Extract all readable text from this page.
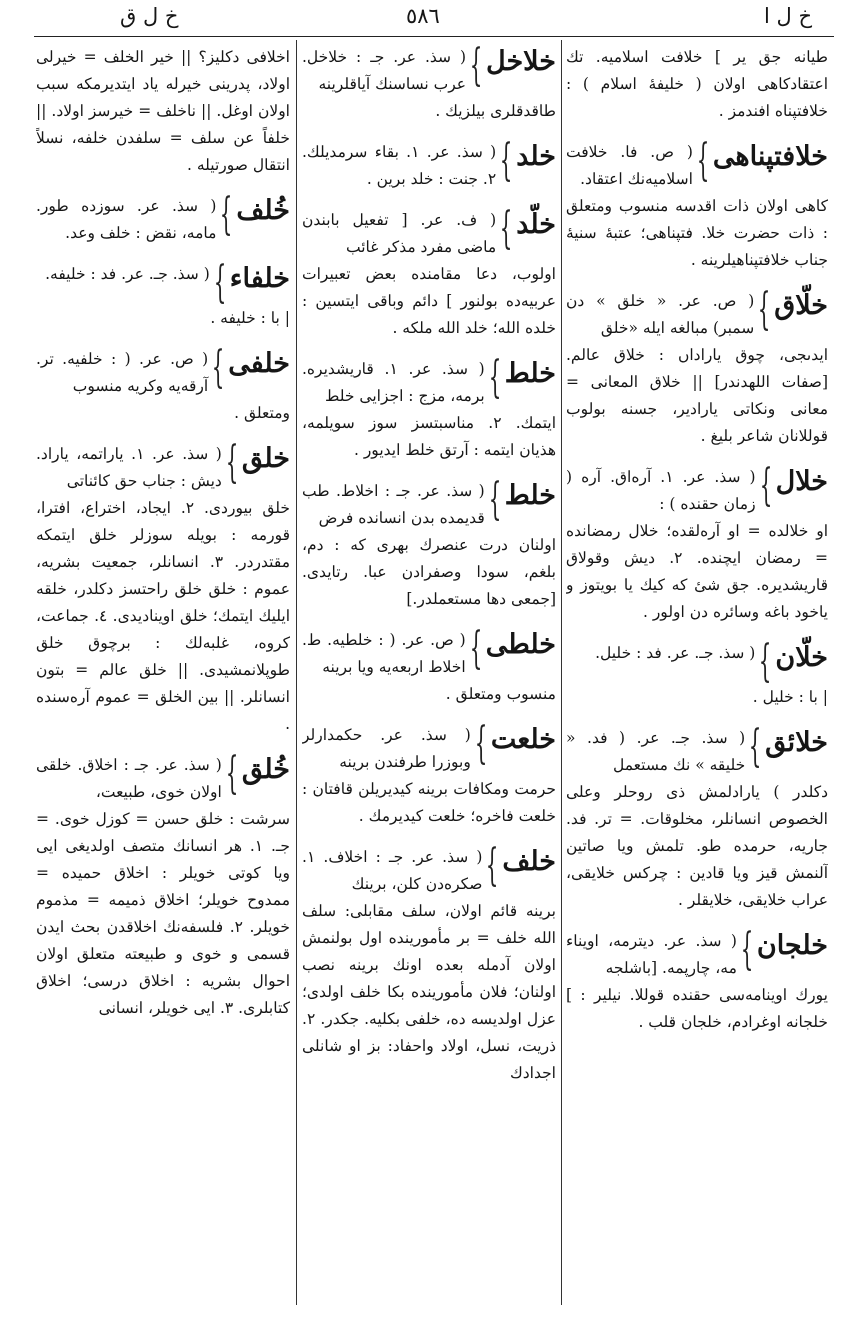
خ ل ق	٥٨٦	خ ل ا
طيانه جق ير ] خلافت اسلاميه. تك اعتقادكاهى اولان ( خليفهٔ اسلام ) : خلافتپناه افندمز .
خلافتپناهى
}
( ص. فا. خلافت اسلاميه‌نك اعتقاد.
كاهى اولان ذات اقدسه منسوب ومتعلق : ذات حضرت خلا. فتپناهى؛ عتبهٔ سنيهٔ جناب خلافتپناهيلرينه .
خلّاق
}
( ص. عر. « خلق » دن سمبر) مبالغه ايله «خلق
ايدىجى، چوق ياراداں : خلاق عالم. [صفات اللهدندر] || خلاق المعانى = معانى ونكاتى يارادير، جسنه بولوب قوللانان شاعر بليغ .
خلال
}
( سذ. عر. ١. آرەاق. آره ( زمان حقنده ) :
او خلالده = او آرەلقده؛ خلال رمضانده = رمضان ايچنده. ٢. ديش وقولاق قاريشديره. جق شىٔ كه كيك يا بويتوز و ياخود باغه وسائره دن اولور .
خلّان
}
( سذ. جـ. عر. فد : خليل.
| با : خليل .
خلائق
}
( سذ. جـ. عر. ( فد. « خليقه » نك مستعمل
دكلدر ) يارادلمش ذى روحلر وعلى الخصوص انسانلر، مخلوقات. = تر. فد. جاريه، حرمده طو. تلمش ويا صاتين آلنمش قيز ويا قادين : چركس خلايقى، عراب خلايقى، خلايقلر .
خلجان
}
( سذ. عر. ديترمه، اويناء مه، چارپمه. [باشلجه
يورك اوينامه‌سى حقنده قوللا. نيلير : ] خلجانه اوغرادم، خلجان قلب .
خلاخل
}
( سذ. عر. جـ : خلاخل. عرب نساسنك آياقلرينه
طاقدقلرى بيلزيك .
خلد
}
( سذ. عر. ١. بقاء سرمديلك. ٢. جنت : خلد برين .
خلّد
}
( ف. عر. [ تفعيل بابندن ماضى مفرد مذكر غائب
اولوب، دعا مقامنده بعض تعبيرات عربيه‌ده بولنور ] دائم وباقى ايتسين : خلده الله؛ خلد الله ملكه .
خلط
}
( سذ. عر. ١. قاريشديره. برمه، مزج : اجزايى خلط
ايتمك. ٢. مناسبتسز سوز سويلمه، هذيان ايتمه : آرتق خلط ايديور .
خلط
}
( سذ. عر. جـ : اخلاط. طب قديمده بدن انسانده فرض
اولنان درت عنصرك بهرى كه : دم، بلغم، سودا وصفرادن عبا. رتايدى. [جمعى دها مستعملدر.]
خلطى
}
( ص. عر. ( : خلطيه. ط. اخلاط اربعه‌يه ويا برينه
منسوب ومتعلق .
خلعت
}
( سذ. عر. حكمدارلر وبوزرا طرفندن برينه
حرمت ومكافات برينه كيديريلن قافتان : خلعت فاخره؛ خلعت كيديرمك .
خلف
}
( سذ. عر. جـ : اخلاف. ١. صكره‌دن كلن، برينك
برينه قائم اولان، سلف مقابلى: سلف الله خلف = بر مأمورينده اول بولنمش اولان آدمله بعده اونك برينه نصب اولنان؛ فلان مأمورينده بكا خلف اولدى؛ عزل اولديسه ده، خلفى بكليه. جكدر. ٢. ذريت، نسل، اولاد واحفاد: بز او شانلى اجدادك
اخلافى دكليز؟ || خير الخلف = خيرلى اولاد، پدرينى خيرله ياد ايتديرمكه سبب اولان اوغل. || ناخلف = خيرسز اولاد. || خلفاً عن سلف = سلفدن خلفه، نسلاً انتقال صورتيله .
خُلف
}
( سذ. عر. سوزده طور. مامه، نقض : خلف وعد.
خلفاء
}
( سذ. جـ. عر. فد : خليفه.
| با : خليفه .
خلفى
}
( ص. عر. ( : خلفيه. تر. آرقه‌يه وكريه منسوب
ومتعلق .
خلق
}
( سذ. عر. ١. ياراتمه، ياراد. ديش : جناب حق كائناتى
خلق بيوردى. ٢. ايجاد، اختراع، افترا، قورمه : بويله سوزلر خلق ايتمكه مقتدردر. ٣. انسانلر، جمعيت بشريه، عموم : خلق خلق راحتسز دكلدر، خلقه ايليك ايتمك؛ خلق اويناديدى. ٤. جماعت، كروه، غلبه‌لك : برچوق خلق طوپلانمشيدى. || خلق عالم = بتون انسانلر. || بين الخلق = عموم آره‌سنده .
خُلق
}
( سذ. عر. جـ : اخلاق. خلقى اولان خوى، طبيعت،
سرشت : خلق حسن = كوزل خوى. = جـ. ١. هر انسانك متصف اولديغى ايى ويا كوتى خويلر : اخلاق حميده = ممدوح خويلر؛ اخلاق ذميمه = مذموم خويلر. ٢. فلسفه‌نك اخلاقدن بحث ايدن قسمى و خوى و طبيعته متعلق اولان احوال بشريه : اخلاق درسى؛ اخلاق كتابلرى. ٣. ايى خويلر، انسانى
